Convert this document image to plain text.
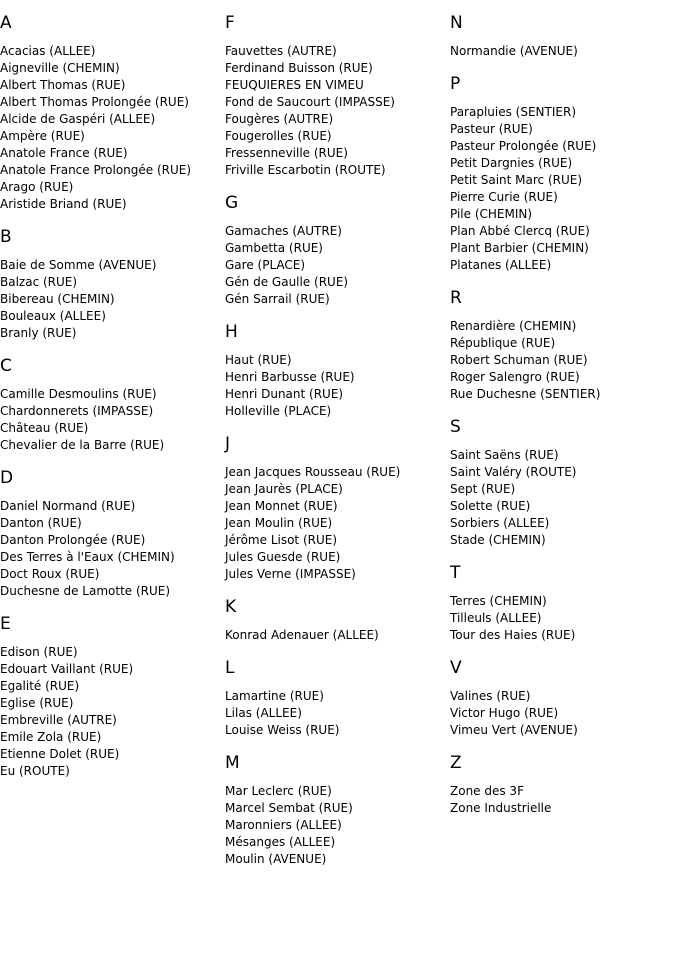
A
Acacias (ALLEE)
Aigneville (CHEMIN)
Albert Thomas (RUE)
Albert Thomas Prolongée (RUE)
Alcide de Gaspéri (ALLEE)
Ampère (RUE)
Anatole France (RUE)
Anatole France Prolongée (RUE)
Arago (RUE)
Aristide Briand (RUE)
B
Baie de Somme (AVENUE)
Balzac (RUE)
Bibereau (CHEMIN)
Bouleaux (ALLEE)
Branly (RUE)
C
Camille Desmoulins (RUE)
Chardonnerets (IMPASSE)
Château (RUE)
Chevalier de la Barre (RUE)
D
Daniel Normand (RUE)
Danton (RUE)
Danton Prolongée (RUE)
Des Terres à l'Eaux (CHEMIN)
Doct Roux (RUE)
Duchesne de Lamotte (RUE)
E
Edison (RUE)
Edouart Vaillant (RUE)
Egalité (RUE)
Eglise (RUE)
Embreville (AUTRE)
Emile Zola (RUE)
Etienne Dolet (RUE)
Eu (ROUTE)
F
Fauvettes (AUTRE)
Ferdinand Buisson (RUE)
FEUQUIERES EN VIMEU
Fond de Saucourt (IMPASSE)
Fougères (AUTRE)
Fougerolles (RUE)
Fressenneville (RUE)
Friville Escarbotin (ROUTE)
G
Gamaches (AUTRE)
Gambetta (RUE)
Gare (PLACE)
Gén de Gaulle (RUE)
Gén Sarrail (RUE)
H
Haut (RUE)
Henri Barbusse (RUE)
Henri Dunant (RUE)
Holleville (PLACE)
J
Jean Jacques Rousseau (RUE)
Jean Jaurès (PLACE)
Jean Monnet (RUE)
Jean Moulin (RUE)
Jérôme Lisot (RUE)
Jules Guesde (RUE)
Jules Verne (IMPASSE)
K
Konrad Adenauer (ALLEE)
L
Lamartine (RUE)
Lilas (ALLEE)
Louise Weiss (RUE)
M
Mar Leclerc (RUE)
Marcel Sembat (RUE)
Maronniers (ALLEE)
Mésanges (ALLEE)
Moulin (AVENUE)
N
Normandie (AVENUE)
P
Parapluies (SENTIER)
Pasteur (RUE)
Pasteur Prolongée (RUE)
Petit Dargnies (RUE)
Petit Saint Marc (RUE)
Pierre Curie (RUE)
Pile (CHEMIN)
Plan Abbé Clercq (RUE)
Plant Barbier (CHEMIN)
Platanes (ALLEE)
R
Renardière (CHEMIN)
République (RUE)
Robert Schuman (RUE)
Roger Salengro (RUE)
Rue Duchesne (SENTIER)
S
Saint Saëns (RUE)
Saint Valéry (ROUTE)
Sept (RUE)
Solette (RUE)
Sorbiers (ALLEE)
Stade (CHEMIN)
T
Terres (CHEMIN)
Tilleuls (ALLEE)
Tour des Haies (RUE)
V
Valines (RUE)
Victor Hugo (RUE)
Vimeu Vert (AVENUE)
Z
Zone des 3F
Zone Industrielle
